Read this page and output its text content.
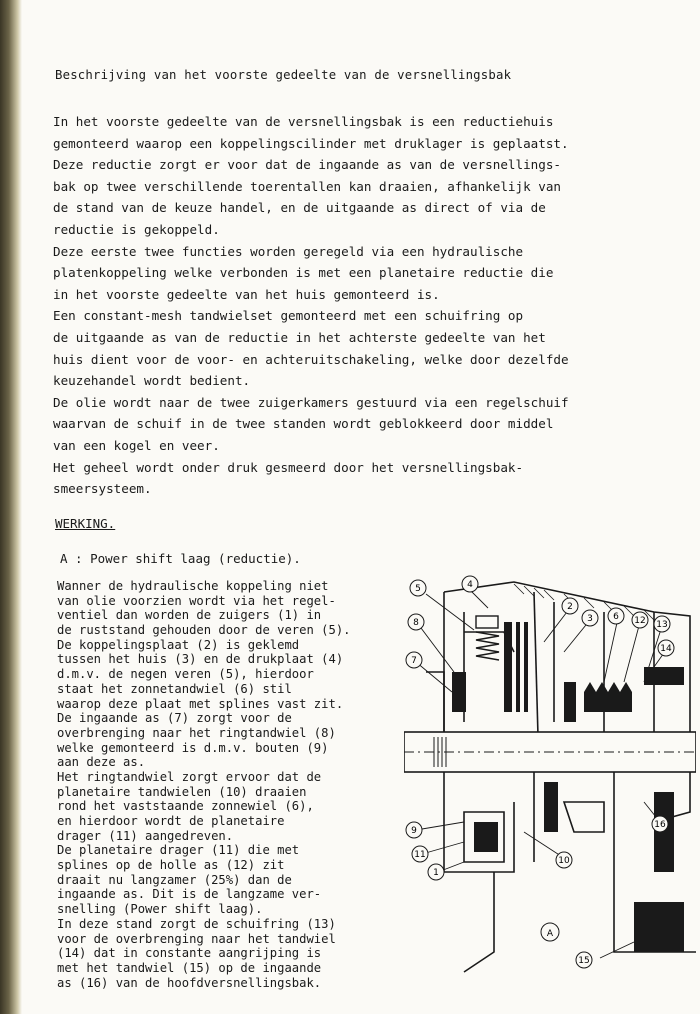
Beschrijving van het voorste gedeelte van de versnellingsbak
In het voorste gedeelte van de versnellingsbak is een reductiehuis
gemonteerd waarop een koppelingscilinder met druklager is geplaatst.
Deze reductie zorgt er voor dat de ingaande as van de versnellings-
bak op twee verschillende toerentallen kan draaien, afhankelijk van
de stand van de keuze handel, en de uitgaande as direct of via de
reductie is gekoppeld.
Deze eerste twee functies worden geregeld via een hydraulische
platenkoppeling welke verbonden is met een planetaire reductie die
in het voorste gedeelte van het huis gemonteerd is.
Een constant-mesh tandwielset gemonteerd met een schuifring op
de uitgaande as van de reductie in het achterste gedeelte van het
huis dient voor de voor- en achteruitschakeling, welke door dezelfde
keuzehandel wordt bedient.
De olie wordt naar de twee zuigerkamers gestuurd via een regelschuif
waarvan de schuif in de twee standen wordt geblokkeerd door middel
van een kogel en veer.
Het geheel wordt onder druk gesmeerd door het versnellingsbak-
smeersysteem.
WERKING.
A : Power shift laag (reductie).
Wanner de hydraulische koppeling niet
van olie voorzien wordt via het regel-
ventiel dan worden de zuigers (1) in
de ruststand gehouden door de veren (5).
De koppelingsplaat (2) is geklemd
tussen het huis (3) en de drukplaat (4)
d.m.v. de negen veren (5), hierdoor
staat het zonnetandwiel (6) stil
waarop deze plaat met splines vast zit.
De ingaande as (7) zorgt voor de
overbrenging naar het ringtandwiel (8)
welke gemonteerd is d.m.v. bouten (9)
aan deze as.
Het ringtandwiel zorgt ervoor dat de
planetaire tandwielen (10) draaien
rond het vaststaande zonnewiel (6),
en hierdoor wordt de planetaire
drager (11) aangedreven.
De planetaire drager (11) die met
splines op de holle as (12) zit
draait nu langzamer (25%) dan de
ingaande as. Dit is de langzame ver-
snelling (Power shift laag).
In deze stand zorgt de schuifring (13)
voor de overbrenging naar het tandwiel
(14) dat in constante aangrijping is
met het tandwiel (15) op de ingaande
as (16) van de hoofdversnellingsbak.
5	4
2
3 6 12 13
8
7
14
16
9
11
1
10
15
A
